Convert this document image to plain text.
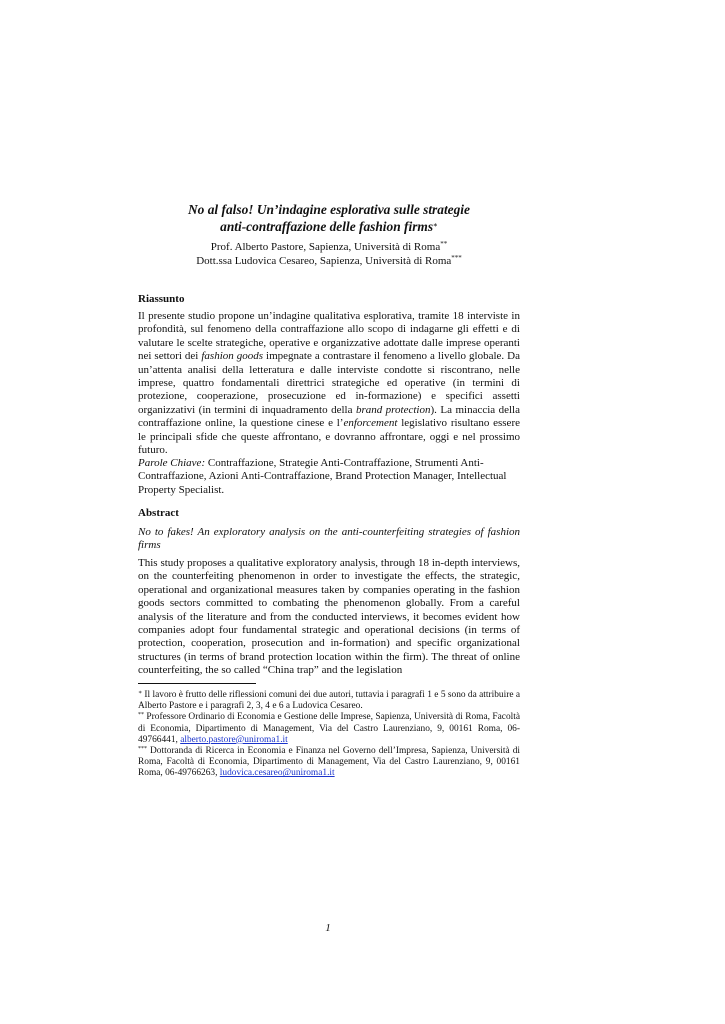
No al falso! Un’indagine esplorativa sulle strategie
anti-contraffazione delle fashion firms∗
Prof. Alberto Pastore, Sapienza, Università di Roma**
Dott.ssa Ludovica Cesareo, Sapienza, Università di Roma***
Riassunto

Il presente studio propone un’indagine qualitativa esplorativa, tramite 18 interviste in profondità, sul fenomeno della contraffazione allo scopo di indagarne gli effetti e di valutare le scelte strategiche, operative e organizzative adottate dalle imprese operanti nei settori dei fashion goods impegnate a contrastare il fenomeno a livello globale. Da un’attenta analisi della letteratura e dalle interviste condotte si riscontrano, nelle imprese, quattro fondamentali direttrici strategiche ed operative (in termini di protezione, cooperazione, prosecuzione ed in-formazione) e specifici assetti organizzativi (in termini di inquadramento della brand protection). La minaccia della contraffazione online, la questione cinese e l’enforcement legislativo risultano essere le principali sfide che queste affrontano, e dovranno affrontare, oggi e nel prossimo futuro.

Parole Chiave: Contraffazione, Strategie Anti-Contraffazione, Strumenti Anti-Contraffazione, Azioni Anti-Contraffazione, Brand Protection Manager, Intellectual Property Specialist.

Abstract

No to fakes! An exploratory analysis on the anti-counterfeiting strategies of fashion firms

This study proposes a qualitative exploratory analysis, through 18 in-depth interviews, on the counterfeiting phenomenon in order to investigate the effects, the strategic, operational and organizational measures taken by companies operating in the fashion goods sectors committed to combating the phenomenon globally. From a careful analysis of the literature and from the conducted interviews, it becomes evident how companies adopt four fundamental strategic and operational decisions (in terms of protection, cooperation, prosecution and in-formation) and specific organizational structures (in terms of brand protection location within the firm). The threat of online counterfeiting, the so called “China trap” and the legislation

∗ Il lavoro è frutto delle riflessioni comuni dei due autori, tuttavia i paragrafi 1 e 5 sono da attribuire a Alberto Pastore e i paragrafi 2, 3, 4 e 6 a Ludovica Cesareo.

** Professore Ordinario di Economia e Gestione delle Imprese, Sapienza, Università di Roma, Facoltà di Economia, Dipartimento di Management, Via del Castro Laurenziano, 9, 00161 Roma, 06-49766441, alberto.pastore@uniroma1.it

*** Dottoranda di Ricerca in Economia e Finanza nel Governo dell’Impresa, Sapienza, Università di Roma, Facoltà di Economia, Dipartimento di Management, Via del Castro Laurenziano, 9, 00161 Roma, 06-49766263, ludovica.cesareo@uniroma1.it

1
